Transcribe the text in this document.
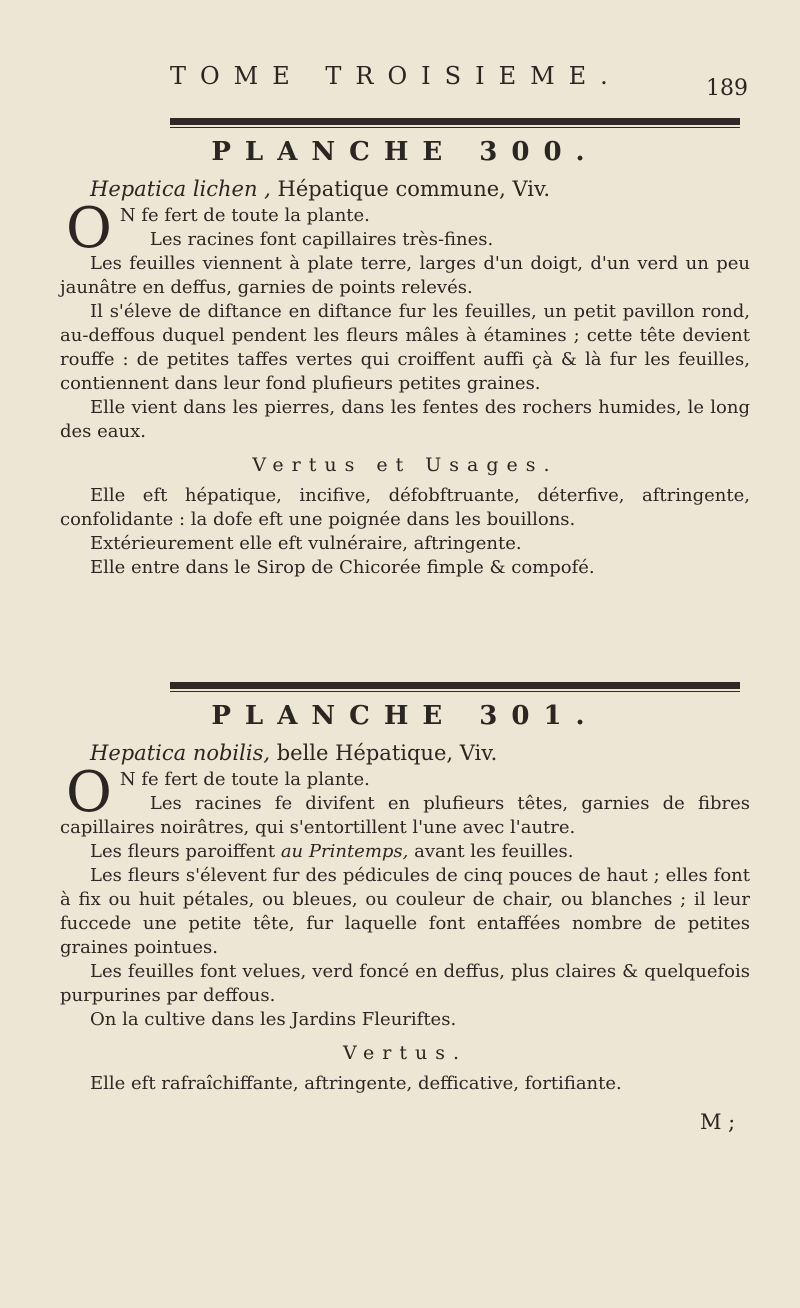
TOME TROISIEME.	189
PLANCHE 300.
Hepatica lichen , Hépatique commune, Viv.

O N fe fert de toute la plante.

Les racines font capillaires très-fines.

Les feuilles viennent à plate terre, larges d'un doigt, d'un verd un peu jaunâtre en deffus, garnies de points relevés.

Il s'éleve de diftance en diftance fur les feuilles, un petit pavillon rond, au-deffous duquel pendent les fleurs mâles à étamines ; cette tête devient rouffe : de petites taffes vertes qui croiffent auffi çà & là fur les feuilles, contiennent dans leur fond plufieurs petites graines.

Elle vient dans les pierres, dans les fentes des rochers humides, le long des eaux.

Vertus et Usages.

Elle eft hépatique, incifive, défobftruante, déterfive, aftringente, confolidante : la dofe eft une poignée dans les bouillons.

Extérieurement elle eft vulnéraire, aftringente.

Elle entre dans le Sirop de Chicorée fimple & compofé.

PLANCHE 301.
Hepatica nobilis, belle Hépatique, Viv.

O N fe fert de toute la plante.

Les racines fe divifent en plufieurs têtes, garnies de fibres capillaires noirâtres, qui s'entortillent l'une avec l'autre.

Les fleurs paroiffent au Printemps, avant les feuilles.

Les fleurs s'élevent fur des pédicules de cinq pouces de haut ; elles font à fix ou huit pétales, ou bleues, ou couleur de chair, ou blanches ; il leur fuccede une petite tête, fur laquelle font entaffées nombre de petites graines pointues.

Les feuilles font velues, verd foncé en deffus, plus claires & quelquefois purpurines par deffous.

On la cultive dans les Jardins Fleuriftes.

Vertus.

Elle eft rafraîchiffante, aftringente, defficative, fortifiante.

M ;
